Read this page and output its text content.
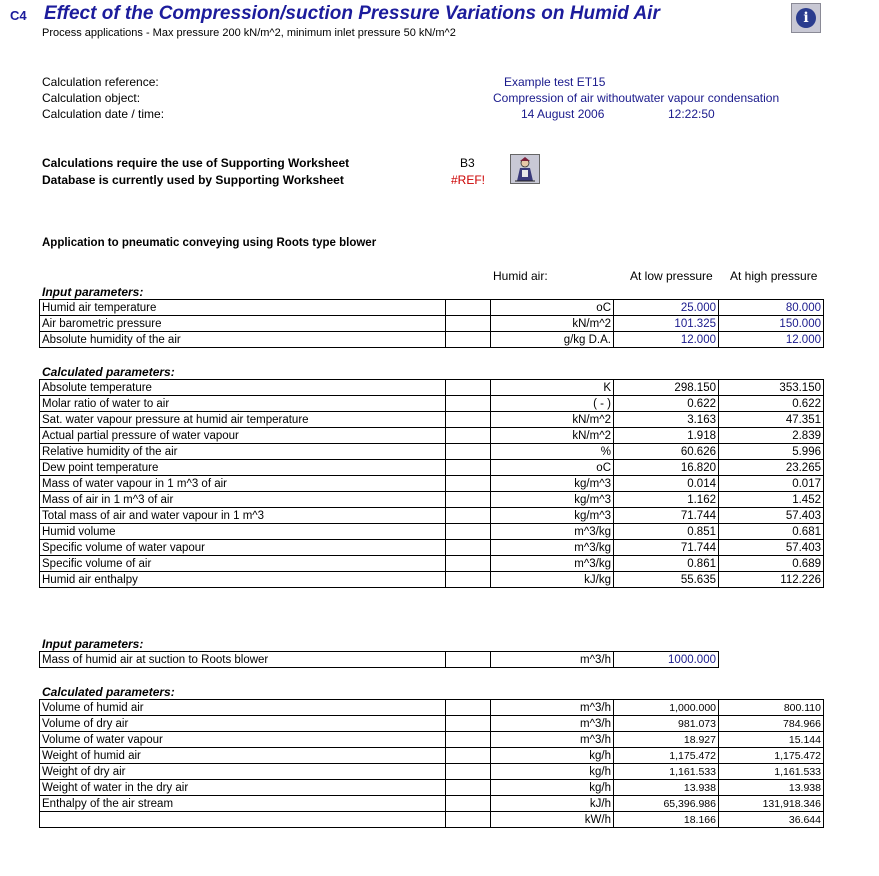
C4 Effect of the Compression/suction Pressure Variations on Humid Air
Process applications - Max pressure 200 kN/m^2, minimum inlet pressure 50 kN/m^2
i
Calculation reference:	Example test ET15
Calculation object:	Compression of air withoutwater vapour condensation
Calculation date / time:	14 August 2006	12:22:50
Calculations require the use of Supporting Worksheet	B3
Database is currently used by Supporting Worksheet	#REF!
Application to pneumatic conveying using Roots type blower
Humid air:	At low pressure At high pressure
Input parameters:
Humid air temperature		oC	25.000	80.000
Air barometric pressure		kN/m^2	101.325	150.000
Absolute humidity of the air		g/kg D.A.	12.000	12.000
Calculated parameters:
Absolute temperature		K	298.150	353.150
Molar ratio of water to air		( - )	0.622	0.622
Sat. water vapour pressure at humid air temperature		kN/m^2	3.163	47.351
Actual partial pressure of water vapour		kN/m^2	1.918	2.839
Relative humidity of the air		%	60.626	5.996
Dew point temperature		oC	16.820	23.265
Mass of water vapour in 1 m^3 of air		kg/m^3	0.014	0.017
Mass of air in 1 m^3 of air		kg/m^3	1.162	1.452
Total mass of air and water vapour in 1 m^3		kg/m^3	71.744	57.403
Humid volume		m^3/kg	0.851	0.681
Specific volume of water vapour		m^3/kg	71.744	57.403
Specific volume of air		m^3/kg	0.861	0.689
Humid air enthalpy		kJ/kg	55.635	112.226
Input parameters:
Mass of humid air at suction to Roots blower		m^3/h	1000.000
Calculated parameters:
Volume of humid air		m^3/h	1,000.000	800.110
Volume of dry air		m^3/h	981.073	784.966
Volume of water vapour		m^3/h	18.927	15.144
Weight of humid air		kg/h	1,175.472	1,175.472
Weight of dry air		kg/h	1,161.533	1,161.533
Weight of water in the dry air		kg/h	13.938	13.938
Enthalpy of the air stream		kJ/h	65,396.986	131,918.346
		kW/h	18.166	36.644
